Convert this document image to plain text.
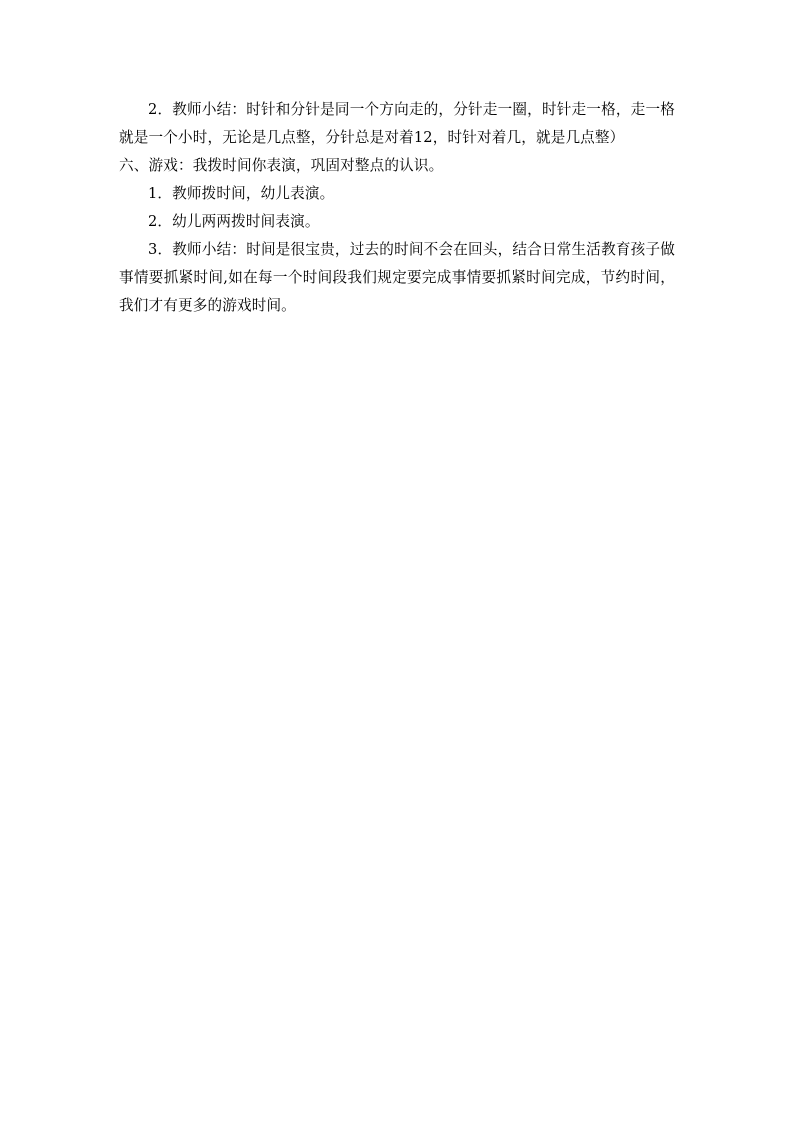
2．教师小结：时针和分针是同一个方向走的，分针走一圈，时针走一格，走一格就是一个小时，无论是几点整，分针总是对着12，时针对着几，就是几点整）

六、游戏：我拨时间你表演，巩固对整点的认识。

1．教师拨时间，幼儿表演。

2．幼儿两两拨时间表演。

3．教师小结：时间是很宝贵，过去的时间不会在回头，结合日常生活教育孩子做事情要抓紧时间,如在每一个时间段我们规定要完成事情要抓紧时间完成，节约时间，我们才有更多的游戏时间。
